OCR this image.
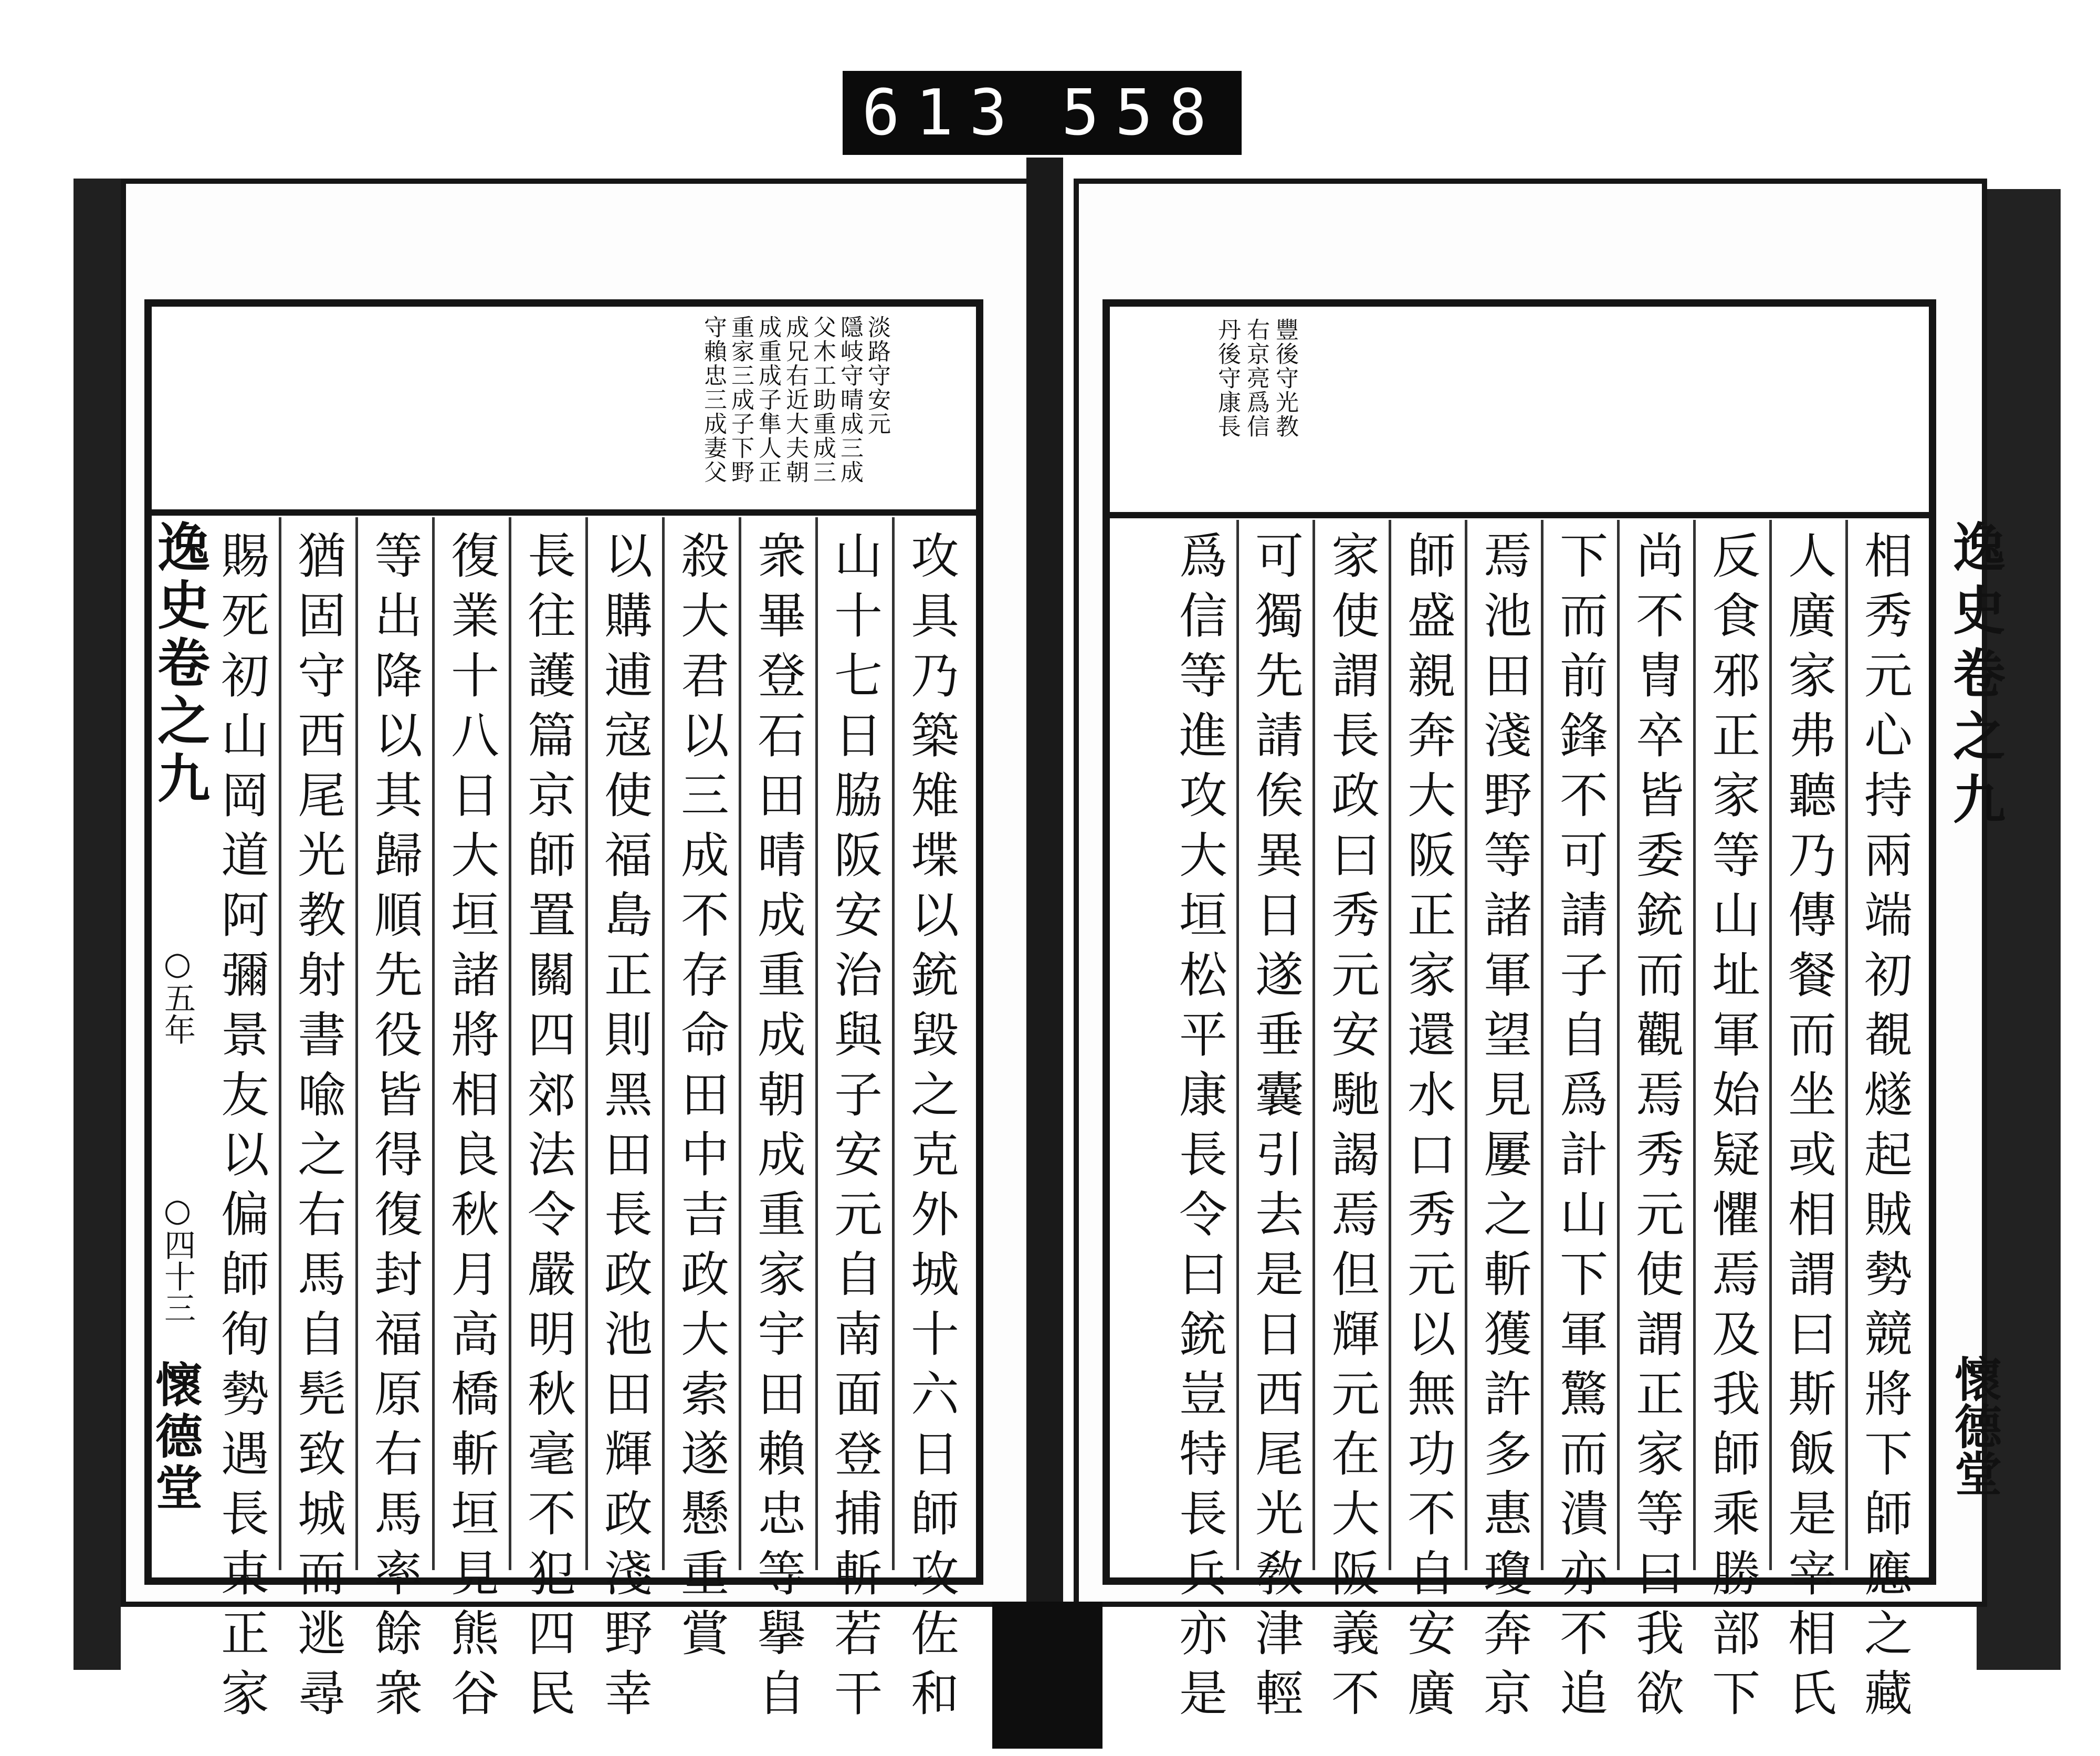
613 558
淡路守安元
隱岐守晴成三成
父木工助重成三
成兄右近大夫朝
成重成子隼人正
重家三成子下野
守賴忠三成妻父
攻具乃築雉堞以銃毀之克外城十六日師攻佐和
山十七日脇阪安治與子安元自南面登捕斬若干
衆畢登石田晴成重成朝成重家宇田賴忠等擧自
殺大君以三成不存命田中吉政大索遂懸重賞
以購逋寇使福島正則黑田長政池田輝政淺野幸
長往護篇京師置關四郊法令嚴明秋毫不犯四民
復業十八日大垣諸將相良秋月高橋斬垣見熊谷
等出降以其歸順先役皆得復封福原右馬率餘衆
猶固守西尾光教射書喩之右馬自髡致城而逃尋
賜死初山岡道阿彌景友以偏師徇勢遇長束正家
豐後守光教
右京亮爲信
丹後守康長
相秀元心持兩端初覩燧起賊勢競將下師應之藏
人廣家弗聽乃傳餐而坐或相謂曰斯飯是宰相氏
反食邪正家等山址軍始疑懼焉及我師乘勝部下
尚不冑卒皆委銃而觀焉秀元使謂正家等曰我欲
下而前鋒不可請子自爲計山下軍驚而潰亦不追
焉池田淺野等諸軍望見屢之斬獲許多惠瓊奔京
師盛親奔大阪正家還水口秀元以無功不自安廣
家使謂長政曰秀元安馳謁焉但輝元在大阪義不
可獨先請俟異日遂垂囊引去是日西尾光敎津輕
爲信等進攻大垣松平康長令曰銃豈特長兵亦是
逸史卷之九
○五年
○四十三
懷德堂
逸史卷之九
懷德堂
